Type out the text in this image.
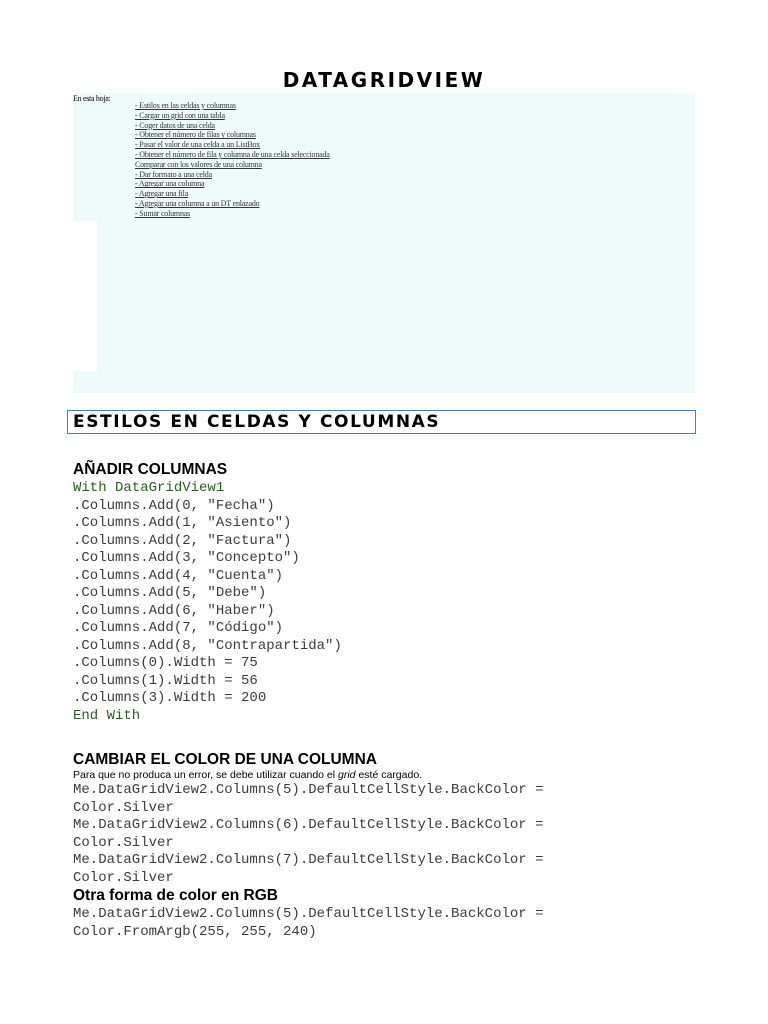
DATAGRIDVIEW
En esta hoja:
- Estilos en las celdas y columnas
- Cargar un grid con una tabla
- Coger datos de una celda
- Obtener el número de filas y columnas
- Pasar el valor de una celda a un ListBox
- Obtener el número de fila y columna de una celda seleccionada
Comparar con los valores de una columna
- Dar formato a una celda
- Agregar una columna
- Agregar una fila
- Agregar una columna a un DT enlazado
- Sumar columnas
ESTILOS EN CELDAS Y COLUMNAS
AÑADIR COLUMNAS
With DataGridView1
.Columns.Add(0, "Fecha")
.Columns.Add(1, "Asiento")
.Columns.Add(2, "Factura")
.Columns.Add(3, "Concepto")
.Columns.Add(4, "Cuenta")
.Columns.Add(5, "Debe")
.Columns.Add(6, "Haber")
.Columns.Add(7, "Código")
.Columns.Add(8, "Contrapartida")
.Columns(0).Width = 75
.Columns(1).Width = 56
.Columns(3).Width = 200
End With
CAMBIAR EL COLOR DE UNA COLUMNA
Para que no produca un error, se debe utilizar cuando el grid esté cargado.
Me.DataGridView2.Columns(5).DefaultCellStyle.BackColor =
Color.Silver
Me.DataGridView2.Columns(6).DefaultCellStyle.BackColor =
Color.Silver
Me.DataGridView2.Columns(7).DefaultCellStyle.BackColor =
Color.Silver
Otra forma de color en RGB
Me.DataGridView2.Columns(5).DefaultCellStyle.BackColor =
Color.FromArgb(255, 255, 240)
